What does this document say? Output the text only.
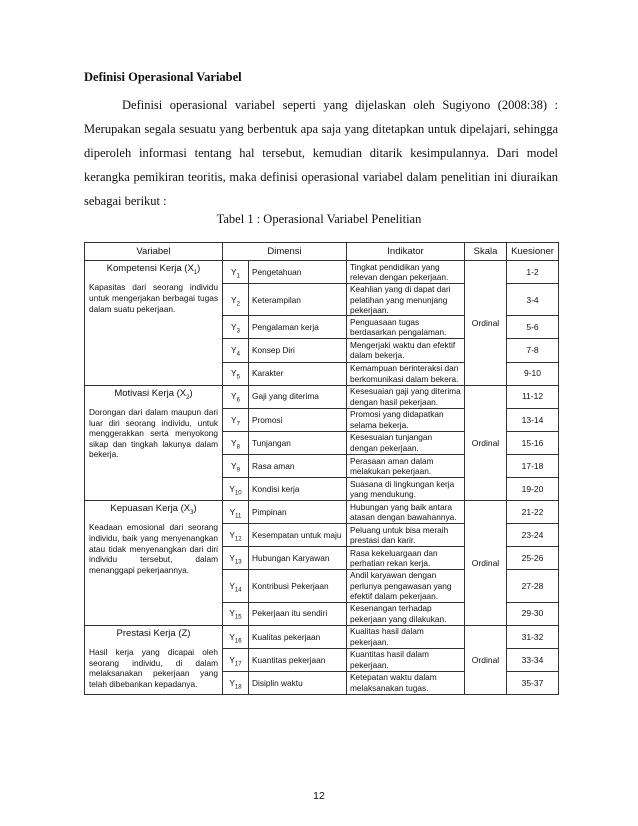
Definisi Operasional Variabel
Definisi operasional variabel seperti yang dijelaskan oleh Sugiyono (2008:38) : Merupakan segala sesuatu yang berbentuk apa saja yang ditetapkan untuk dipelajari, sehingga diperoleh informasi tentang hal tersebut, kemudian ditarik kesimpulannya. Dari model kerangka pemikiran teoritis, maka definisi operasional variabel dalam penelitian ini diuraikan sebagai berikut :
Tabel 1 : Operasional Variabel Penelitian
Variabel	Dimensi		Indikator	Skala	Kuesioner

Kompetensi Kerja $(X_1)$
Kapasitas dari seorang individu untuk mengerjakan berbagai tugas dalam suatu pekerjaan.	$Y_1$	Pengetahuan	Tingkat pendidikan yang relevan dengan pekerjaan.	Ordinal	1-2
	$Y_2$	Keterampilan	Keahlian yang di dapat dari pelatihan yang menunjang pekerjaan.		3-4
	$Y_3$	Pengalaman kerja	Penguasaan tugas berdasarkan pengalaman.		5-6
	$Y_4$	Konsep Diri	Mengerjaki waktu dan efektif dalam bekerja.		7-8
	$Y_5$	Karakter	Kemampuan berinteraksi dan berkomunikasi dalam bekera.		9-10

Motivasi Kerja $(X_2)$
Dorongan dari dalam maupun dari luar diri seorang individu, untuk menggerakkan serta menyokong sikap dan tingkah lakunya dalam bekerja.	$Y_6$	Gaji yang diterima	Kesesuaian gaji yang diterima dengan hasil pekerjaan.	Ordinal	11-12
	$Y_7$	Promosi	Promosi yang didapatkan selama bekerja.		13-14
	$Y_8$	Tunjangan	Kesesuaian tunjangan dengan pekerjaan.		15-16
	$Y_9$	Rasa aman	Perasaan aman dalam melakukan pekerjaan.		17-18
	$Y_{10}$	Kondisi kerja	Suasana di lingkungan kerja yang mendukung.		19-20

Kepuasan Kerja $(X_3)$
Keadaan emosional dari seorang individu, baik yang menyenangkan atau tidak menyenangkan dari diri individu tersebut, dalam menanggapi pekerjaannya.	$Y_{11}$	Pimpinan	Hubungan yang baik antara atasan dengan bawahannya.	Ordinal	21-22
	$Y_{12}$	Kesempatan untuk maju	Peluang untuk bisa meraih prestasi dan karir.		23-24
	$Y_{13}$	Hubungan Karyawan	Rasa kekeluargaan dan perhatian rekan kerja.		25-26
	$Y_{14}$	Kontribusi Pekerjaan	Andil karyawan dengan perlunya pengawasan yang efektif dalam pekerjaan.		27-28
	$Y_{15}$	Pekerjaan itu sendiri	Kesenangan terhadap pekerjaan yang dilakukan.		29-30

Prestasi Kerja (Z)
Hasil kerja yang dicapai oleh seorang individu, di dalam melaksanakan pekerjaan yang telah dibebankan kepadanya.	$Y_{16}$	Kualitas pekerjaan	Kualitas hasil dalam pekerjaan.	Ordinal	31-32
	$Y_{17}$	Kuantitas pekerjaan	Kuantitas hasil dalam pekerjaan.		33-34
	$Y_{18}$	Disiplin waktu	Ketepatan waktu dalam melaksanakan tugas.		35-37
12
